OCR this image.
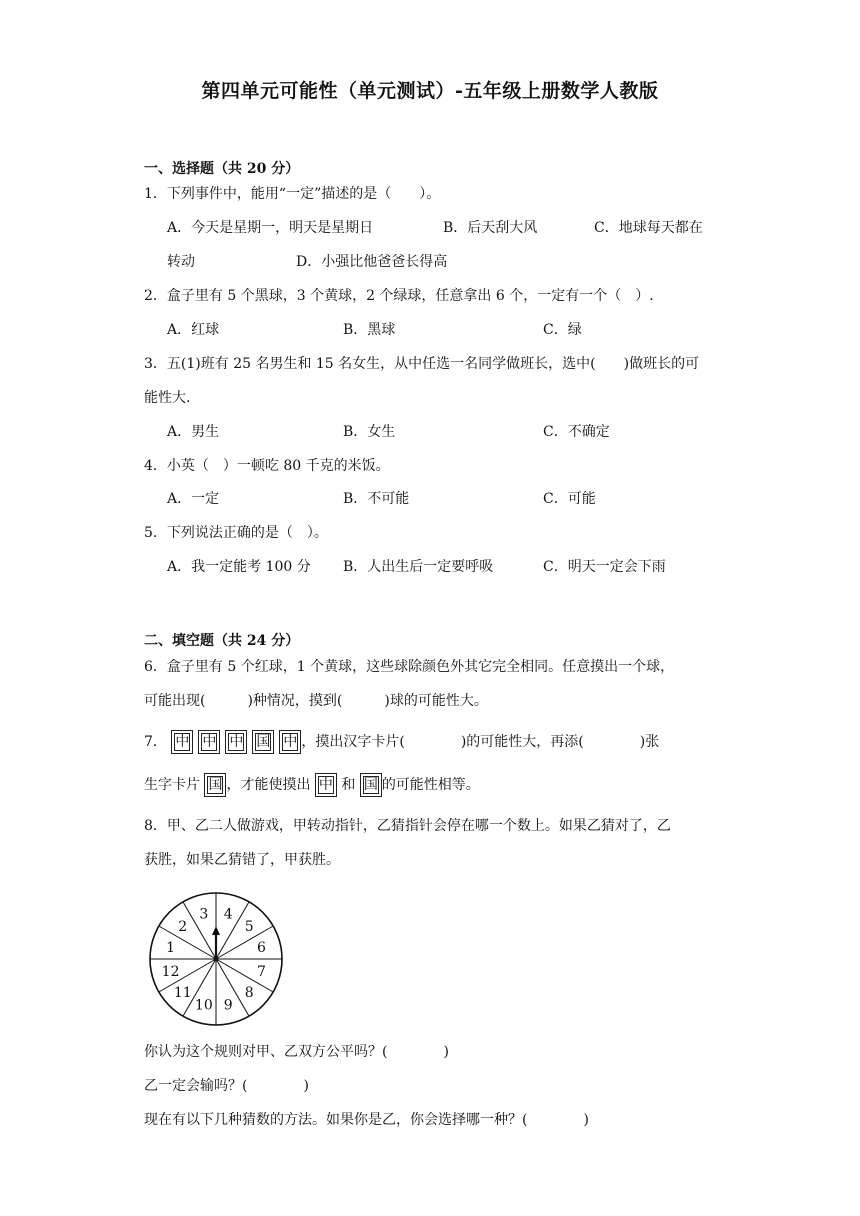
第四单元可能性（单元测试）-五年级上册数学人教版
一、选择题（共 20 分）
1．下列事件中，能用“一定”描述的是（　　）。
A．今天是星期一，明天是星期日	B．后天刮大风	C．地球每天都在
转动	D．小强比他爸爸长得高
2．盒子里有 5 个黑球，3 个黄球，2 个绿球，任意拿出 6 个，一定有一个（　）.
A．红球	B．黑球	C．绿
3．五(1)班有 25 名男生和 15 名女生，从中任选一名同学做班长，选中(　　)做班长的可
能性大.
A．男生	B．女生	C．不确定
4．小英（　）一顿吃 80 千克的米饭。
A．一定	B．不可能	C．可能
5．下列说法正确的是（　）。
A．我一定能考 100 分 B．人出生后一定要呼吸	C．明天一定会下雨
二、填空题（共 24 分）
6．盒子里有 5 个红球，1 个黄球，这些球除颜色外其它完全相同。任意摸出一个球，
可能出现(　　　)种情况，摸到(　　　)球的可能性大。
7． 中 中 中 国 中 ，摸出汉字卡片(　　　　)的可能性大，再添(　　　　)张
生字卡片 国 ，才能使摸出 中 和 国 的可能性相等。
8．甲、乙二人做游戏，甲转动指针，乙猜指针会停在哪一个数上。如果乙猜对了，乙
获胜，如果乙猜错了，甲获胜。
1
2
3 4
5
6
7
8
9
10
11
12
你认为这个规则对甲、乙双方公平吗？(　　　　)
乙一定会输吗？(　　　　)
现在有以下几种猜数的方法。如果你是乙，你会选择哪一种？(　　　　)
